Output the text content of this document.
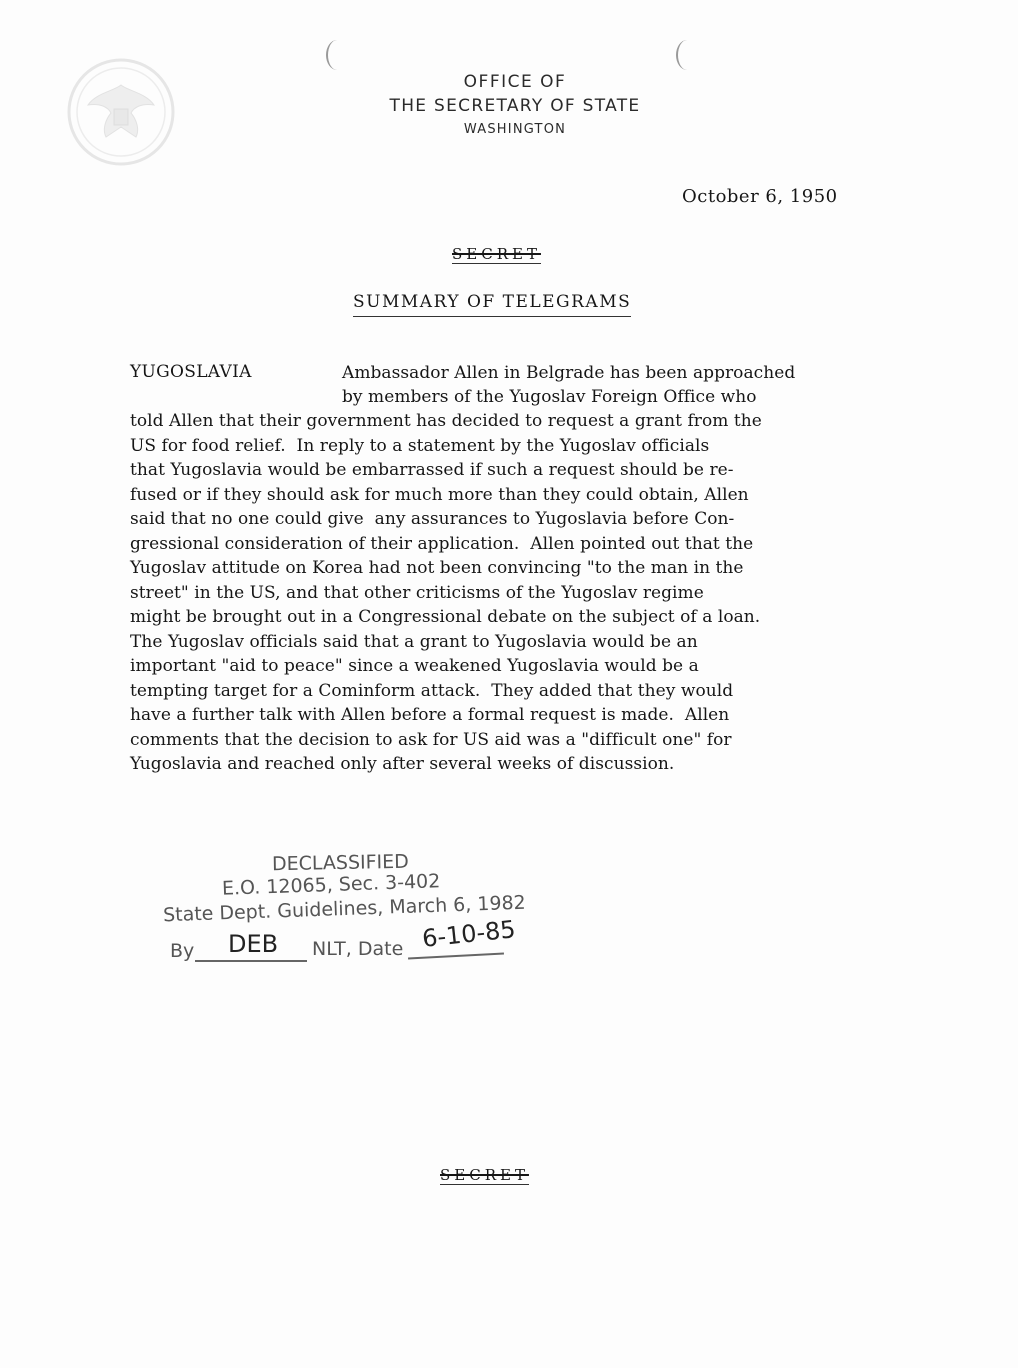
OFFICE OF
THE SECRETARY OF STATE
WASHINGTON
October 6, 1950
SECRET
SUMMARY OF TELEGRAMS
YUGOSLAVIA	Ambassador Allen in Belgrade has been approached
by members of the Yugoslav Foreign Office who
told Allen that their government has decided to request a grant from the
US for food relief.  In reply to a statement by the Yugoslav officials
that Yugoslavia would be embarrassed if such a request should be re-
fused or if they should ask for much more than they could obtain, Allen
said that no one could give  any assurances to Yugoslavia before Con-
gressional consideration of their application.  Allen pointed out that the
Yugoslav attitude on Korea had not been convincing "to the man in the
street" in the US, and that other criticisms of the Yugoslav regime
might be brought out in a Congressional debate on the subject of a loan.
The Yugoslav officials said that a grant to Yugoslavia would be an
important "aid to peace" since a weakened Yugoslavia would be a
tempting target for a Cominform attack.  They added that they would
have a further talk with Allen before a formal request is made.  Allen
comments that the decision to ask for US aid was a "difficult one" for
Yugoslavia and reached only after several weeks of discussion.
DECLASSIFIED
E.O. 12065, Sec. 3-402
State Dept. Guidelines, March 6, 1982
By DEB NLT, Date 6-10-85
SECRET
